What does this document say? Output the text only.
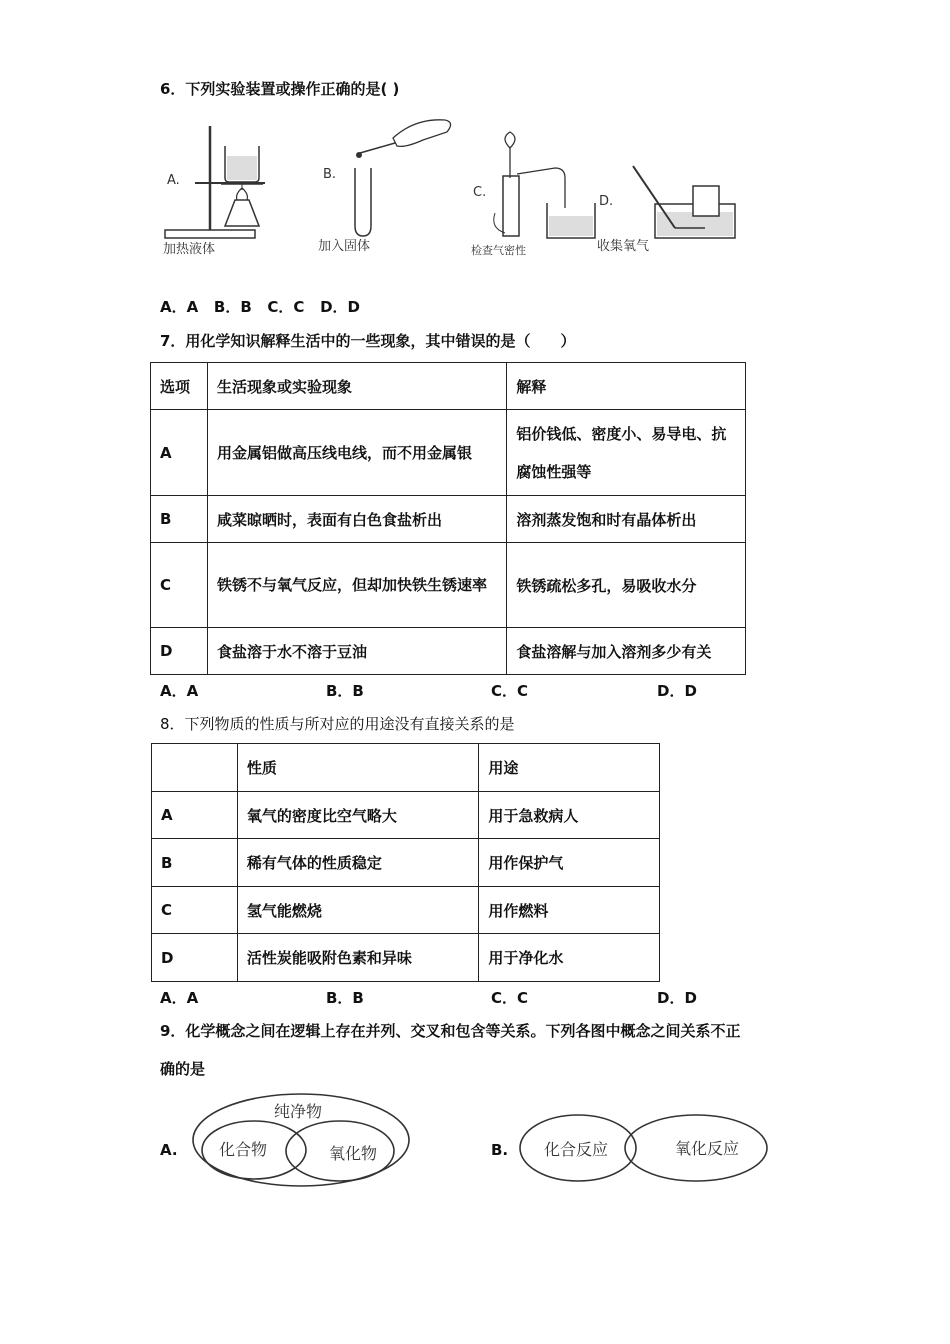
6．下列实验装置或操作正确的是( )
A.
加热液体
B.
加入固体
C.
检查气密性
D.
收集氧气
A．A   B．B   C．C   D．D
7．用化学知识解释生活中的一些现象，其中错误的是（　　）
选项	生活现象或实验现象	解释
A	用金属铝做高压线电线，而不用金属银	铝价钱低、密度小、易导电、抗腐蚀性强等
B	咸菜晾晒时，表面有白色食盐析出	溶剂蒸发饱和时有晶体析出
C	铁锈不与氧气反应，但却加快铁生锈速率	铁锈疏松多孔，易吸收水分
D	食盐溶于水不溶于豆油	食盐溶解与加入溶剂多少有关
A．A	B．B	C．C	D．D
8．下列物质的性质与所对应的用途没有直接关系的是
	性质	用途
A	氧气的密度比空气略大	用于急救病人
B	稀有气体的性质稳定	用作保护气
C	氢气能燃烧	用作燃料
D	活性炭能吸附色素和异味	用于净化水
A．A	B．B	C．C	D．D
9．化学概念之间在逻辑上存在并列、交叉和包含等关系。下列各图中概念之间关系不正
确的是
A.
纯净物
化合物	氧化物	B. 化合反应	氧化反应
